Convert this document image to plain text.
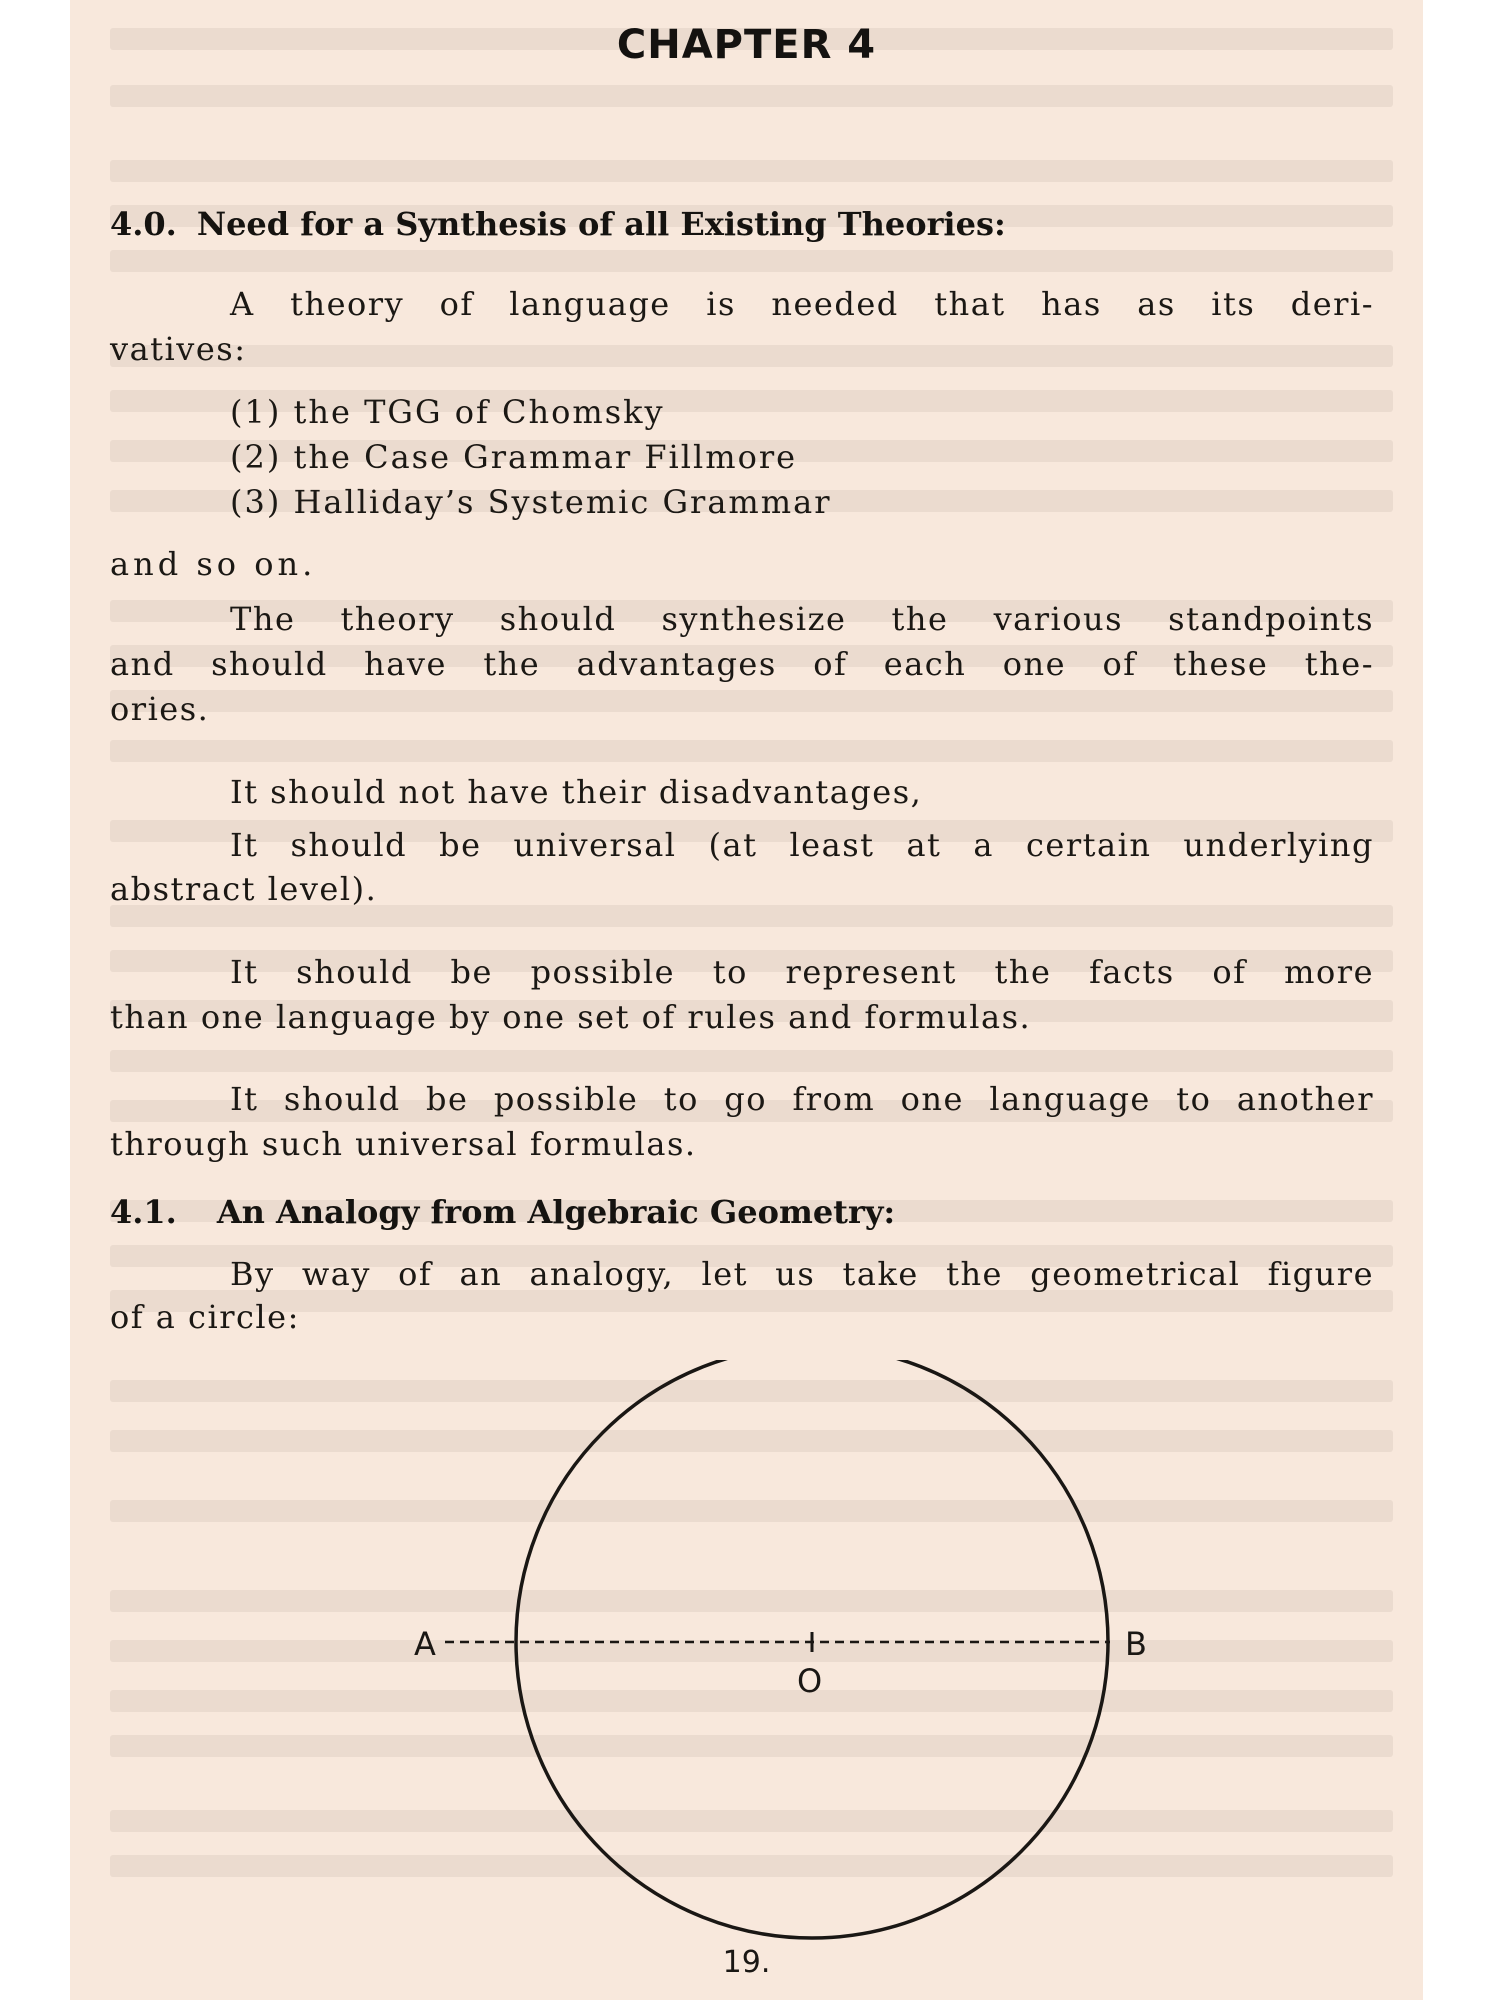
CHAPTER 4
4.0. Need for a Synthesis of all Existing Theories:
A theory of language is needed that has as its deri-
vatives:
(1) the TGG of Chomsky
(2) the Case Grammar Fillmore
(3) Halliday’s Systemic Grammar
and so on.
The theory should synthesize the various standpoints
and should have the advantages of each one of these the-
ories.
It should not have their disadvantages,
It should be universal (at least at a certain underlying
abstract level).
It should be possible to represent the facts of more
than one language by one set of rules and formulas.
It should be possible to go from one language to another
through such universal formulas.
4.1. An Analogy from Algebraic Geometry:
By way of an analogy, let us take the geometrical figure
of a circle:
A	B
O
19.
